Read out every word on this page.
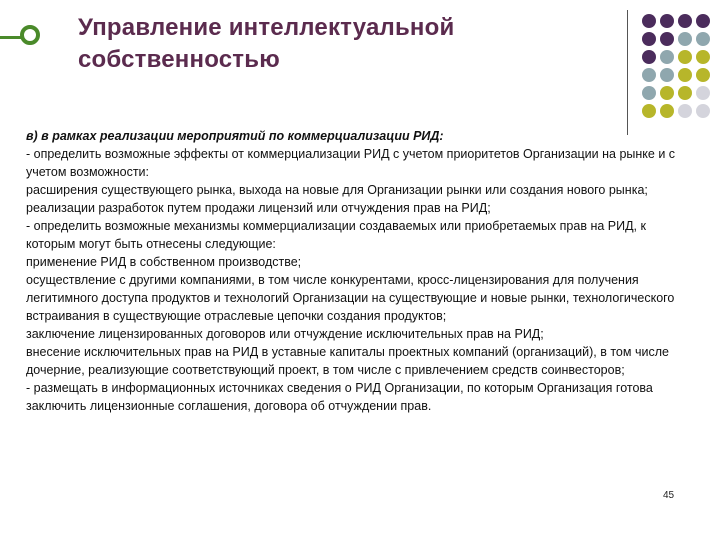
Управление интеллектуальной
собственностью

в) в рамках реализации мероприятий по коммерциализации РИД:

- определить возможные эффекты от коммерциализации РИД с учетом приоритетов Организации на рынке и с учетом возможности:

расширения существующего рынка, выхода на новые для Организации рынки или создания нового рынка;

реализации разработок путем продажи лицензий или отчуждения прав на РИД;

- определить возможные механизмы коммерциализации создаваемых или приобретаемых прав на РИД, к которым могут быть отнесены следующие:

применение РИД в собственном производстве;

осуществление с другими компаниями, в том числе конкурентами, кросс-лицензирования для получения легитимного доступа продуктов и технологий Организации на существующие и новые рынки, технологического встраивания в существующие отраслевые цепочки создания продуктов;

заключение лицензированных договоров или отчуждение исключительных прав на РИД;

внесение исключительных прав на РИД в уставные капиталы проектных компаний (организаций), в том числе дочерние, реализующие соответствующий проект, в том числе с привлечением средств соинвесторов;

- размещать в информационных источниках сведения о РИД Организации, по которым Организация готова заключить лицензионные соглашения, договора об отчуждении прав.

45
